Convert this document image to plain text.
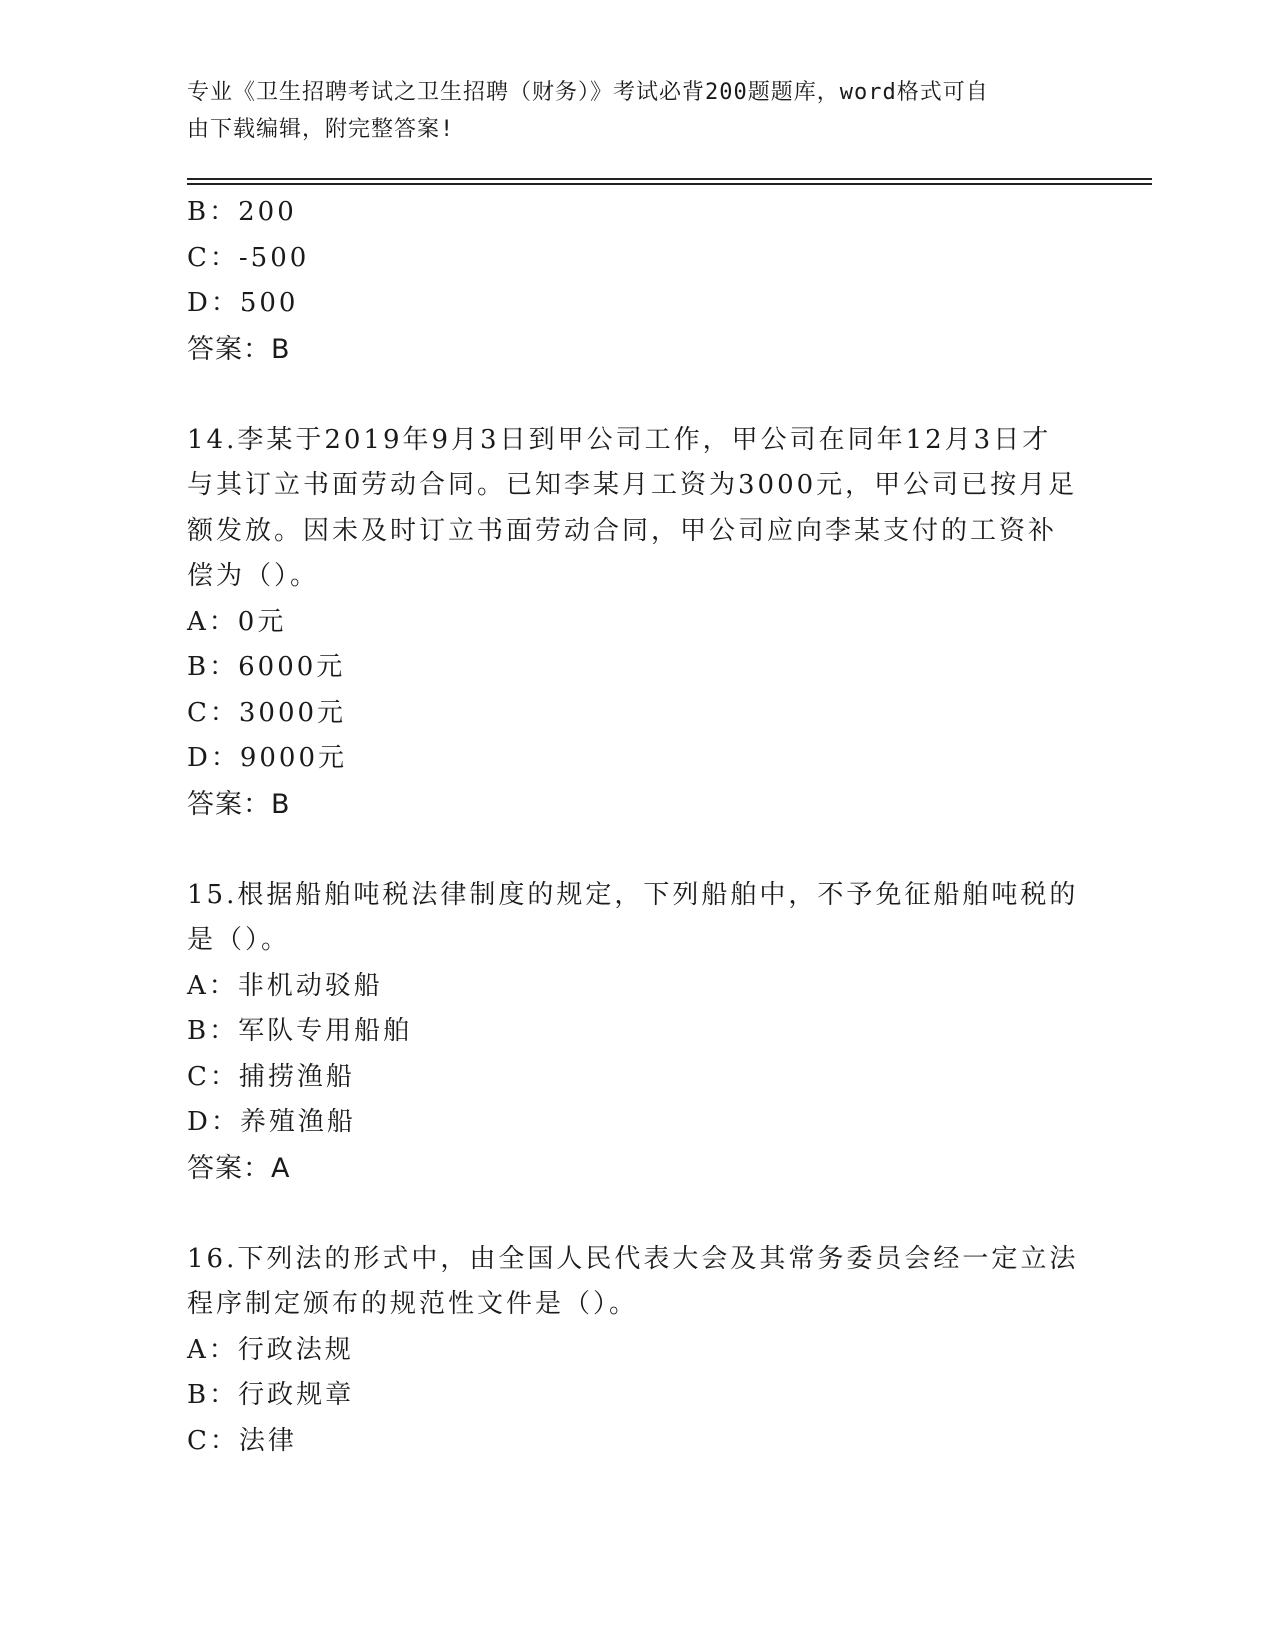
专业《卫生招聘考试之卫生招聘（财务）》考试必背200题题库，word格式可自
由下载编辑，附完整答案!
B：200
C：-500
D：500
答案：B
14.李某于2019年9月3日到甲公司工作，甲公司在同年12月3日才
与其订立书面劳动合同。已知李某月工资为3000元，甲公司已按月足
额发放。因未及时订立书面劳动合同，甲公司应向李某支付的工资补
偿为（）。
A：0元
B：6000元
C：3000元
D：9000元
答案：B
15.根据船舶吨税法律制度的规定，下列船舶中，不予免征船舶吨税的
是（）。
A：非机动驳船
B：军队专用船舶
C：捕捞渔船
D：养殖渔船
答案：A
16.下列法的形式中，由全国人民代表大会及其常务委员会经一定立法
程序制定颁布的规范性文件是（）。
A：行政法规
B：行政规章
C：法律
